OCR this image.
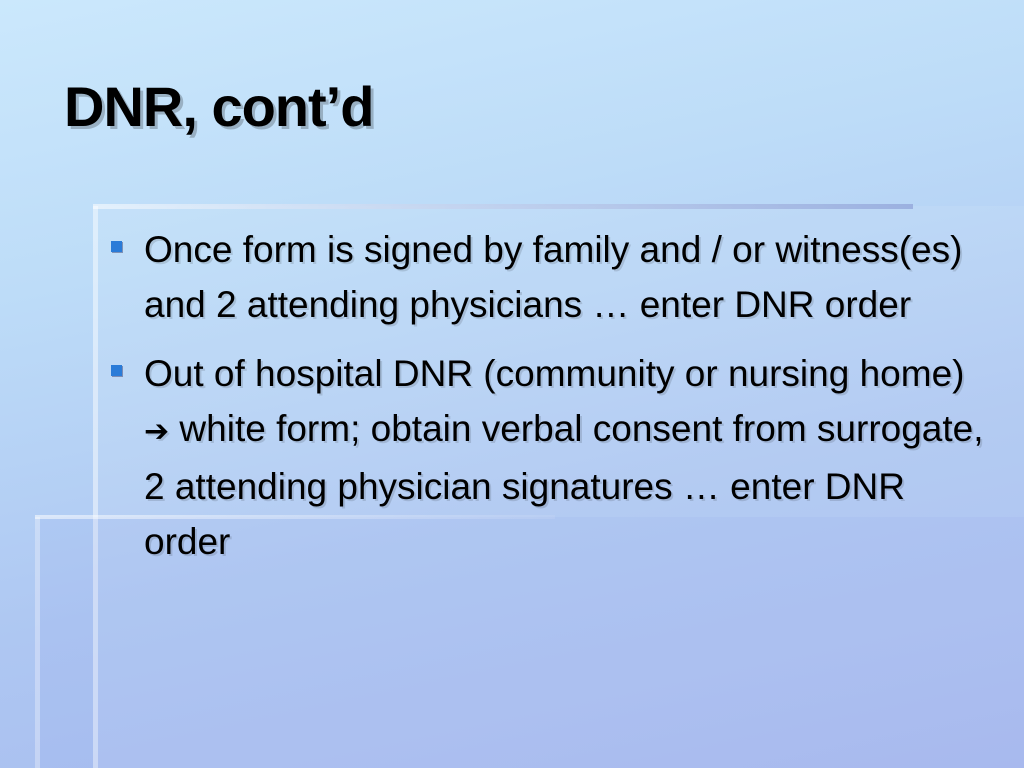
DNR, cont’d
Once form is signed by family and / or witness(es) and 2 attending physicians … enter DNR order
Out of hospital DNR (community or nursing home) ➔ white form; obtain verbal consent from surrogate, 2 attending physician signatures … enter DNR order
